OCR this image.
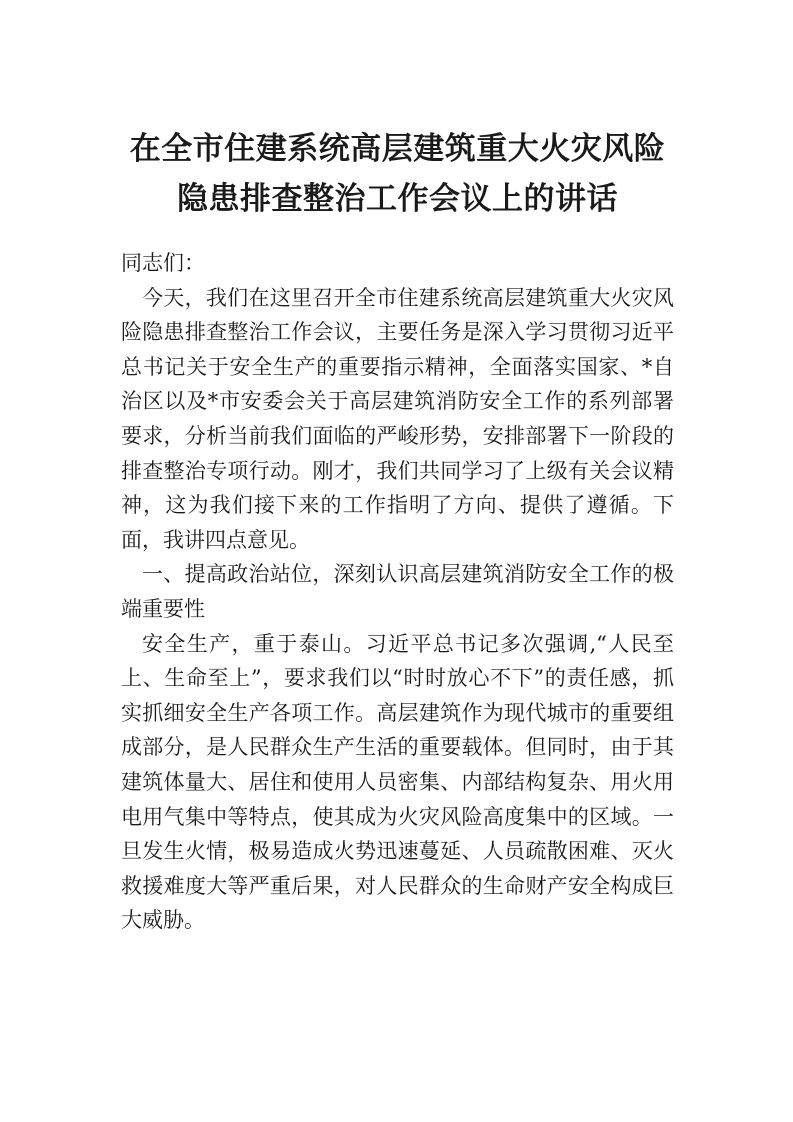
在全市住建系统高层建筑重大火灾风险隐患排查整治工作会议上的讲话

同志们：

今天，我们在这里召开全市住建系统高层建筑重大火灾风险隐患排查整治工作会议，主要任务是深入学习贯彻习近平总书记关于安全生产的重要指示精神，全面落实国家、*自治区以及*市安委会关于高层建筑消防安全工作的系列部署要求，分析当前我们面临的严峻形势，安排部署下一阶段的排查整治专项行动。刚才，我们共同学习了上级有关会议精神，这为我们接下来的工作指明了方向、提供了遵循。下面，我讲四点意见。

一、提高政治站位，深刻认识高层建筑消防安全工作的极端重要性

安全生产，重于泰山。习近平总书记多次强调,“人民至上、生命至上”，要求我们以“时时放心不下”的责任感，抓实抓细安全生产各项工作。高层建筑作为现代城市的重要组成部分，是人民群众生产生活的重要载体。但同时，由于其建筑体量大、居住和使用人员密集、内部结构复杂、用火用电用气集中等特点，使其成为火灾风险高度集中的区域。一旦发生火情，极易造成火势迅速蔓延、人员疏散困难、灭火救援难度大等严重后果，对人民群众的生命财产安全构成巨大威胁。
